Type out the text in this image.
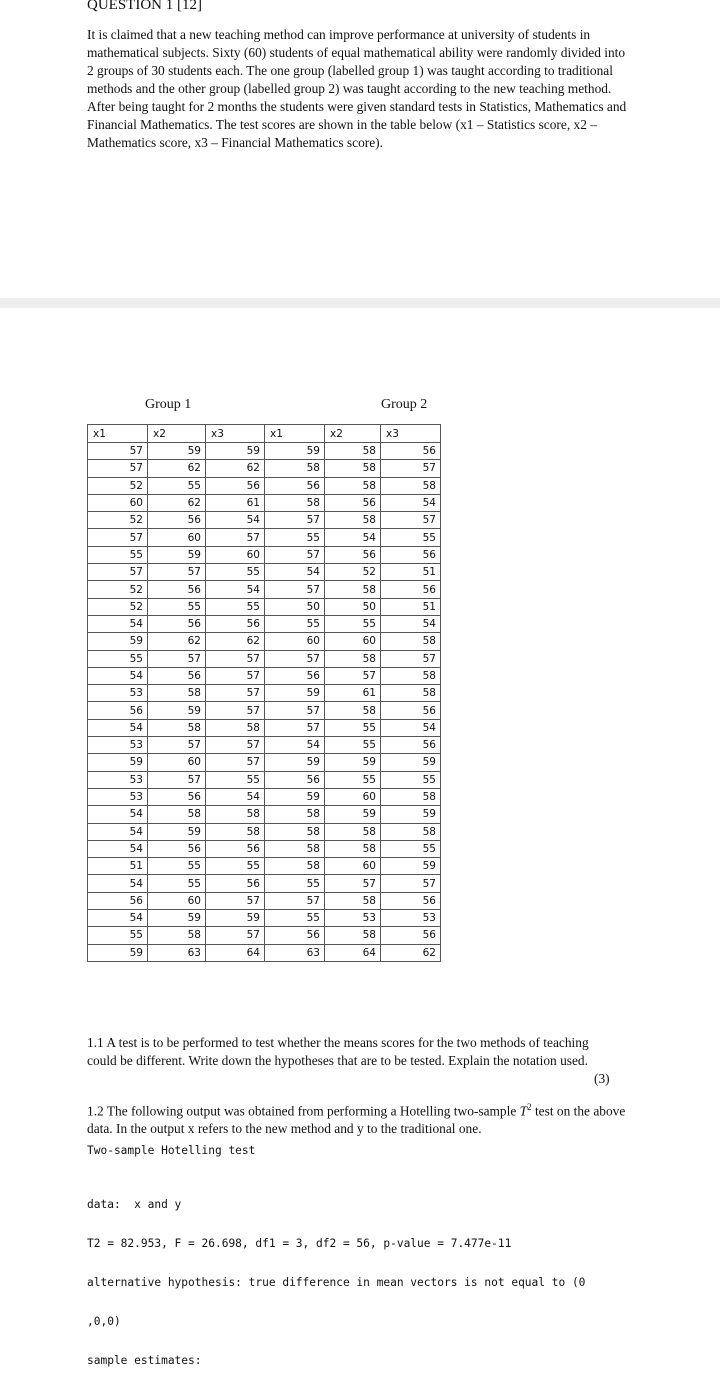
QUESTION 1 [12]

It is claimed that a new teaching method can improve performance at university of students in mathematical subjects. Sixty (60) students of equal mathematical ability were randomly divided into 2 groups of 30 students each. The one group (labelled group 1) was taught according to traditional methods and the other group (labelled group 2) was taught according to the new teaching method. After being taught for 2 months the students were given standard tests in Statistics, Mathematics and Financial Mathematics. The test scores are shown in the table below (x1 – Statistics score, x2 – Mathematics score, x3 – Financial Mathematics score).

Group 1	Group 2

x1	x2	x3	x1	x2	x3
57	59	59	59	58	56
57	62	62	58	58	57
52	55	56	56	58	58
60	62	61	58	56	54
52	56	54	57	58	57
57	60	57	55	54	55
55	59	60	57	56	56
57	57	55	54	52	51
52	56	54	57	58	56
52	55	55	50	50	51
54	56	56	55	55	54
59	62	62	60	60	58
55	57	57	57	58	57
54	56	57	56	57	58
53	58	57	59	61	58
56	59	57	57	58	56
54	58	58	57	55	54
53	57	57	54	55	56
59	60	57	59	59	59
53	57	55	56	55	55
53	56	54	59	60	58
54	58	58	58	59	59
54	59	58	58	58	58
54	56	56	58	58	55
51	55	55	58	60	59
54	55	56	55	57	57
56	60	57	57	58	56
54	59	59	55	53	53
55	58	57	56	58	56
59	63	64	63	64	62

1.1 A test is to be performed to test whether the means scores for the two methods of teaching could be different. Write down the hypotheses that are to be tested. Explain the notation used.

(3)

1.2 The following output was obtained from performing a Hotelling two-sample $T^2$ test on the above data. In the output x refers to the new method and y to the traditional one.

Two-sample Hotelling test

data:  x and y

T2 = 82.953, F = 26.698, df1 = 3, df2 = 56, p-value = 7.477e-11

alternative hypothesis: true difference in mean vectors is not equal to (0

,0,0)

sample estimates:
